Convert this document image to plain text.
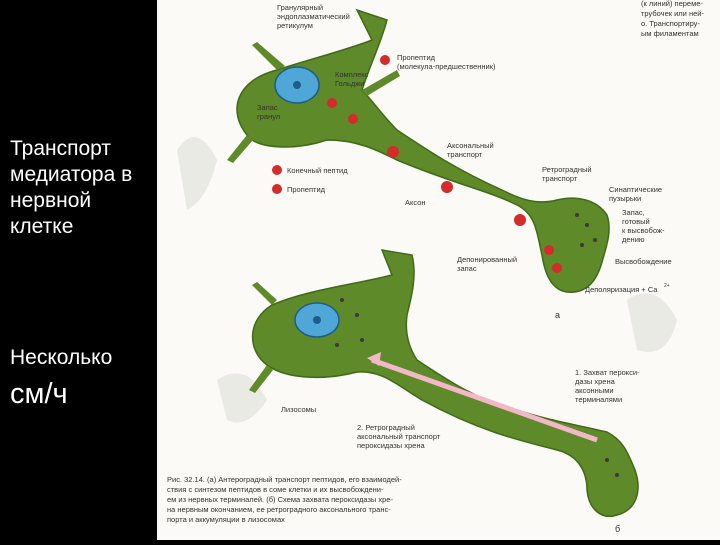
Транспорт медиатора в нервной клетке
Несколько
см/ч
Гранулярный
эндоплазматический
ретикулум
(к линий) переме-
трубочек или ней-
о. Транспортиру-
ым филаментам
Пропептид
(молекула-предшественник)
Комплекс
Гольджи
Запас
гранул
Аксональный
транспорт
Конечный пептид
Пропептид
Аксон
Ретроградный
транспорт
Синаптические
пузырьки
Запас,
готовый
к высвобож-
дению
Депонированный
запас
Высвобождение
Деполяризация + Ca 2+
а
б
Лизосомы
1. Захват перокси-
дазы хрена
аксонными
терминалями
2. Ретроградный
аксональный транспорт
пероксидазы хрена
Рис. 32.14. (а) Антероградный транспорт пептидов, его взаимодей-
ствия с синтезом пептидов в соме клетки и их высвобождени-
ем из нервных терминалей. (б) Схема захвата пероксидазы хре-
на нервным окончанием, ее ретроградного аксонального транс-
порта и аккумуляции в лизосомах
